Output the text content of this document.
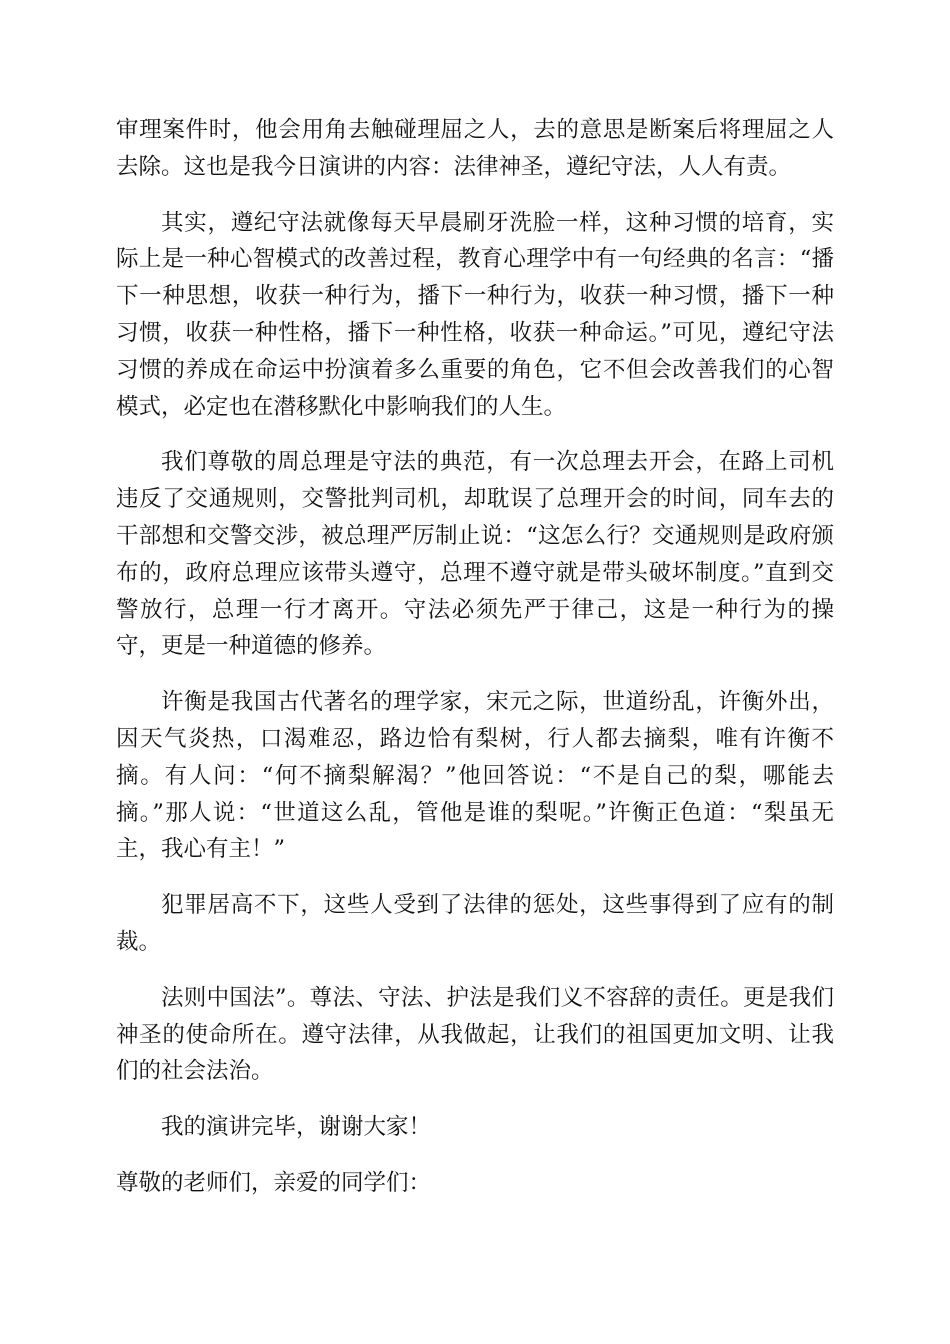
审理案件时，他会用角去触碰理屈之人，去的意思是断案后将理屈之人去除。这也是我今日演讲的内容：法律神圣，遵纪守法，人人有责。

其实，遵纪守法就像每天早晨刷牙洗脸一样，这种习惯的培育，实际上是一种心智模式的改善过程，教育心理学中有一句经典的名言：“播下一种思想，收获一种行为，播下一种行为，收获一种习惯，播下一种习惯，收获一种性格，播下一种性格，收获一种命运。”可见，遵纪守法习惯的养成在命运中扮演着多么重要的角色，它不但会改善我们的心智模式，必定也在潜移默化中影响我们的人生。

我们尊敬的周总理是守法的典范，有一次总理去开会，在路上司机违反了交通规则，交警批判司机，却耽误了总理开会的时间，同车去的干部想和交警交涉，被总理严厉制止说：“这怎么行？交通规则是政府颁布的，政府总理应该带头遵守，总理不遵守就是带头破坏制度。”直到交警放行，总理一行才离开。守法必须先严于律己，这是一种行为的操守，更是一种道德的修养。

许衡是我国古代著名的理学家，宋元之际，世道纷乱，许衡外出，因天气炎热，口渴难忍，路边恰有梨树，行人都去摘梨，唯有许衡不摘。有人问：“何不摘梨解渴？”他回答说：“不是自己的梨，哪能去摘。”那人说：“世道这么乱，管他是谁的梨呢。”许衡正色道：“梨虽无主，我心有主！”

犯罪居高不下，这些人受到了法律的惩处，这些事得到了应有的制裁。

法则中国法”。尊法、守法、护法是我们义不容辞的责任。更是我们神圣的使命所在。遵守法律，从我做起，让我们的祖国更加文明、让我们的社会法治。

我的演讲完毕，谢谢大家！

尊敬的老师们，亲爱的同学们：
